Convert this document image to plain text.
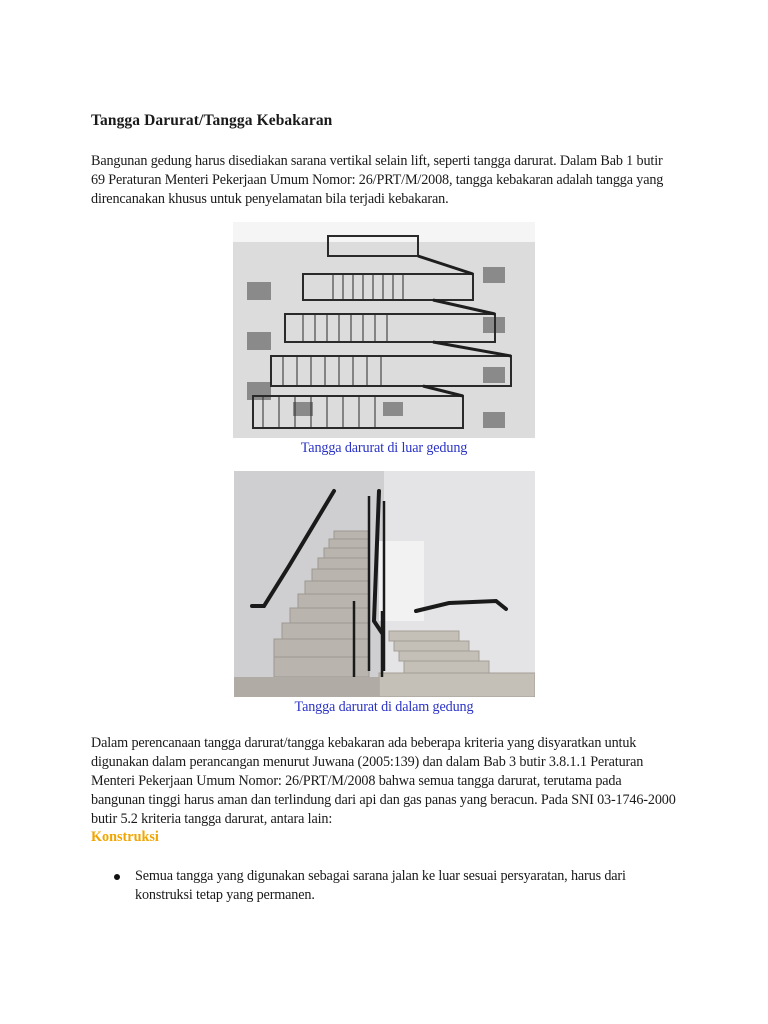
Tangga Darurat/Tangga Kebakaran

Bangunan gedung harus disediakan sarana vertikal selain lift, seperti tangga darurat. Dalam Bab 1 butir 69 Peraturan Menteri Pekerjaan Umum Nomor: 26/PRT/M/2008, tangga kebakaran adalah tangga yang direncanakan khusus untuk penyelamatan bila terjadi kebakaran.

Tangga darurat di luar gedung
Tangga darurat di dalam gedung

Dalam perencanaan tangga darurat/tangga kebakaran ada beberapa kriteria yang disyaratkan untuk digunakan dalam perancangan menurut Juwana (2005:139) dan dalam Bab 3 butir 3.8.1.1 Peraturan Menteri Pekerjaan Umum Nomor: 26/PRT/M/2008 bahwa semua tangga darurat, terutama pada bangunan tinggi harus aman dan terlindung dari api dan gas panas yang beracun. Pada SNI 03-1746-2000 butir 5.2 kriteria tangga darurat, antara lain:

Konstruksi

Semua tangga yang digunakan sebagai sarana jalan ke luar sesuai persyaratan, harus dari konstruksi tetap yang permanen.
